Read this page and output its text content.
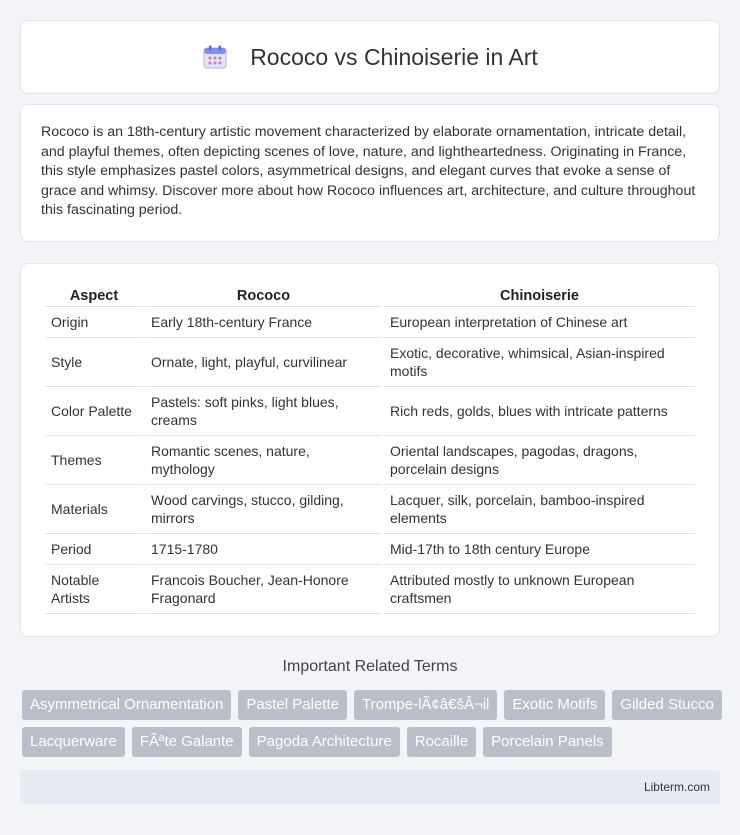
Rococo vs Chinoiserie in Art

Rococo is an 18th-century artistic movement characterized by elaborate ornamentation, intricate detail, and playful themes, often depicting scenes of love, nature, and lightheartedness. Originating in France, this style emphasizes pastel colors, asymmetrical designs, and elegant curves that evoke a sense of grace and whimsy. Discover more about how Rococo influences art, architecture, and culture throughout this fascinating period.

Aspect	Rococo	Chinoiserie
Origin	Early 18th-century France	European interpretation of Chinese art
Style	Ornate, light, playful, curvilinear	Exotic, decorative, whimsical, Asian-inspired motifs
Color Palette	Pastels: soft pinks, light blues, creams	Rich reds, golds, blues with intricate patterns
Themes	Romantic scenes, nature, mythology	Oriental landscapes, pagodas, dragons, porcelain designs
Materials	Wood carvings, stucco, gilding, mirrors	Lacquer, silk, porcelain, bamboo-inspired elements
Period	1715-1780	Mid-17th to 18th century Europe
Notable Artists	Francois Boucher, Jean-Honore Fragonard	Attributed mostly to unknown European craftsmen
Important Related Terms
Asymmetrical Ornamentation	Pastel Palette	Trompe-lÃ¢â€šÂ¬il	Exotic Motifs	Gilded Stucco
Lacquerware	FÃªte Galante	Pagoda Architecture	Rocaille	Porcelain Panels
Libterm.com
